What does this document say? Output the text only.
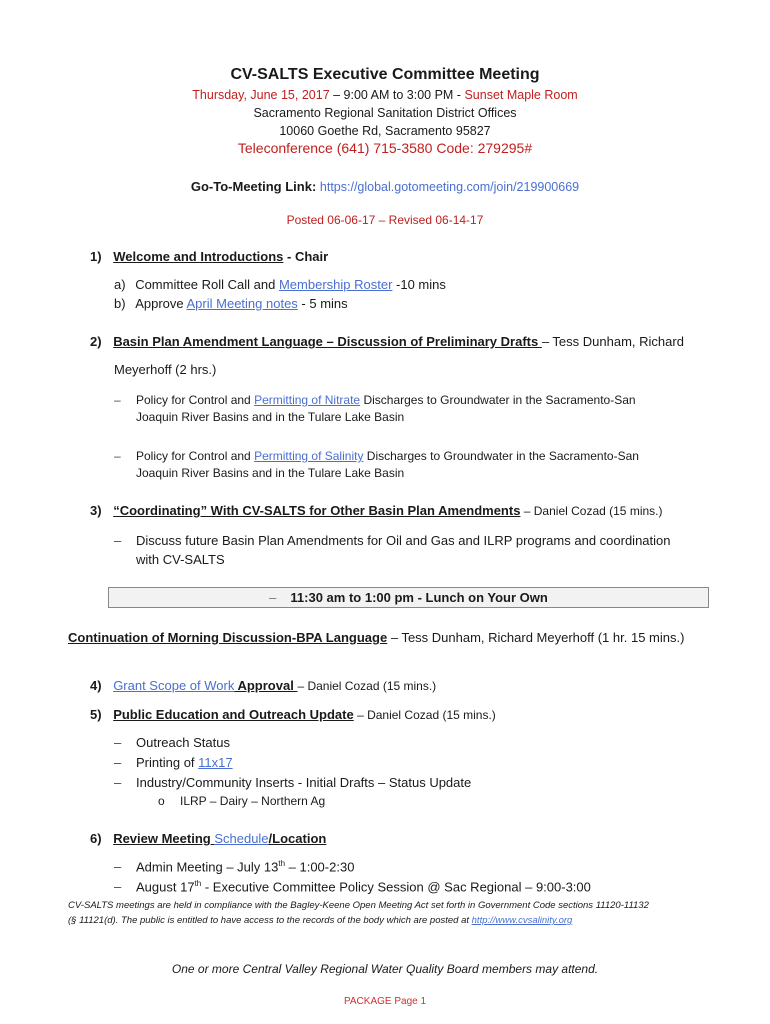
CV-SALTS Executive Committee Meeting
Thursday, June 15, 2017 – 9:00 AM to 3:00 PM - Sunset Maple Room
Sacramento Regional Sanitation District Offices
10060 Goethe Rd, Sacramento 95827
Teleconference (641) 715-3580 Code: 279295#
Go-To-Meeting Link: https://global.gotomeeting.com/join/219900669
Posted 06-06-17 – Revised 06-14-17
1) Welcome and Introductions - Chair
a) Committee Roll Call and Membership Roster -10 mins
b) Approve April Meeting notes - 5 mins
2) Basin Plan Amendment Language – Discussion of Preliminary Drafts – Tess Dunham, Richard
Meyerhoff (2 hrs.)
– Policy for Control and Permitting of Nitrate Discharges to Groundwater in the Sacramento-San
Joaquin River Basins and in the Tulare Lake Basin
– Policy for Control and Permitting of Salinity Discharges to Groundwater in the Sacramento-San
Joaquin River Basins and in the Tulare Lake Basin
3) “Coordinating” With CV-SALTS for Other Basin Plan Amendments – Daniel Cozad (15 mins.)
– Discuss future Basin Plan Amendments for Oil and Gas and ILRP programs and coordination
with CV-SALTS
– 11:30 am to 1:00 pm - Lunch on Your Own
Continuation of Morning Discussion-BPA Language – Tess Dunham, Richard Meyerhoff (1 hr. 15 mins.)
4) Grant Scope of Work Approval – Daniel Cozad (15 mins.)
5) Public Education and Outreach Update – Daniel Cozad (15 mins.)
– Outreach Status
– Printing of 11x17
– Industry/Community Inserts - Initial Drafts – Status Update
o ILRP – Dairy – Northern Ag
6) Review Meeting Schedule/Location
– Admin Meeting – July 13th – 1:00-2:30
– August 17th - Executive Committee Policy Session @ Sac Regional – 9:00-3:00
CV-SALTS meetings are held in compliance with the Bagley-Keene Open Meeting Act set forth in Government Code sections 11120-11132
(§ 11121(d). The public is entitled to have access to the records of the body which are posted at http://www.cvsalinity.org
One or more Central Valley Regional Water Quality Board members may attend.
PACKAGE Page 1
